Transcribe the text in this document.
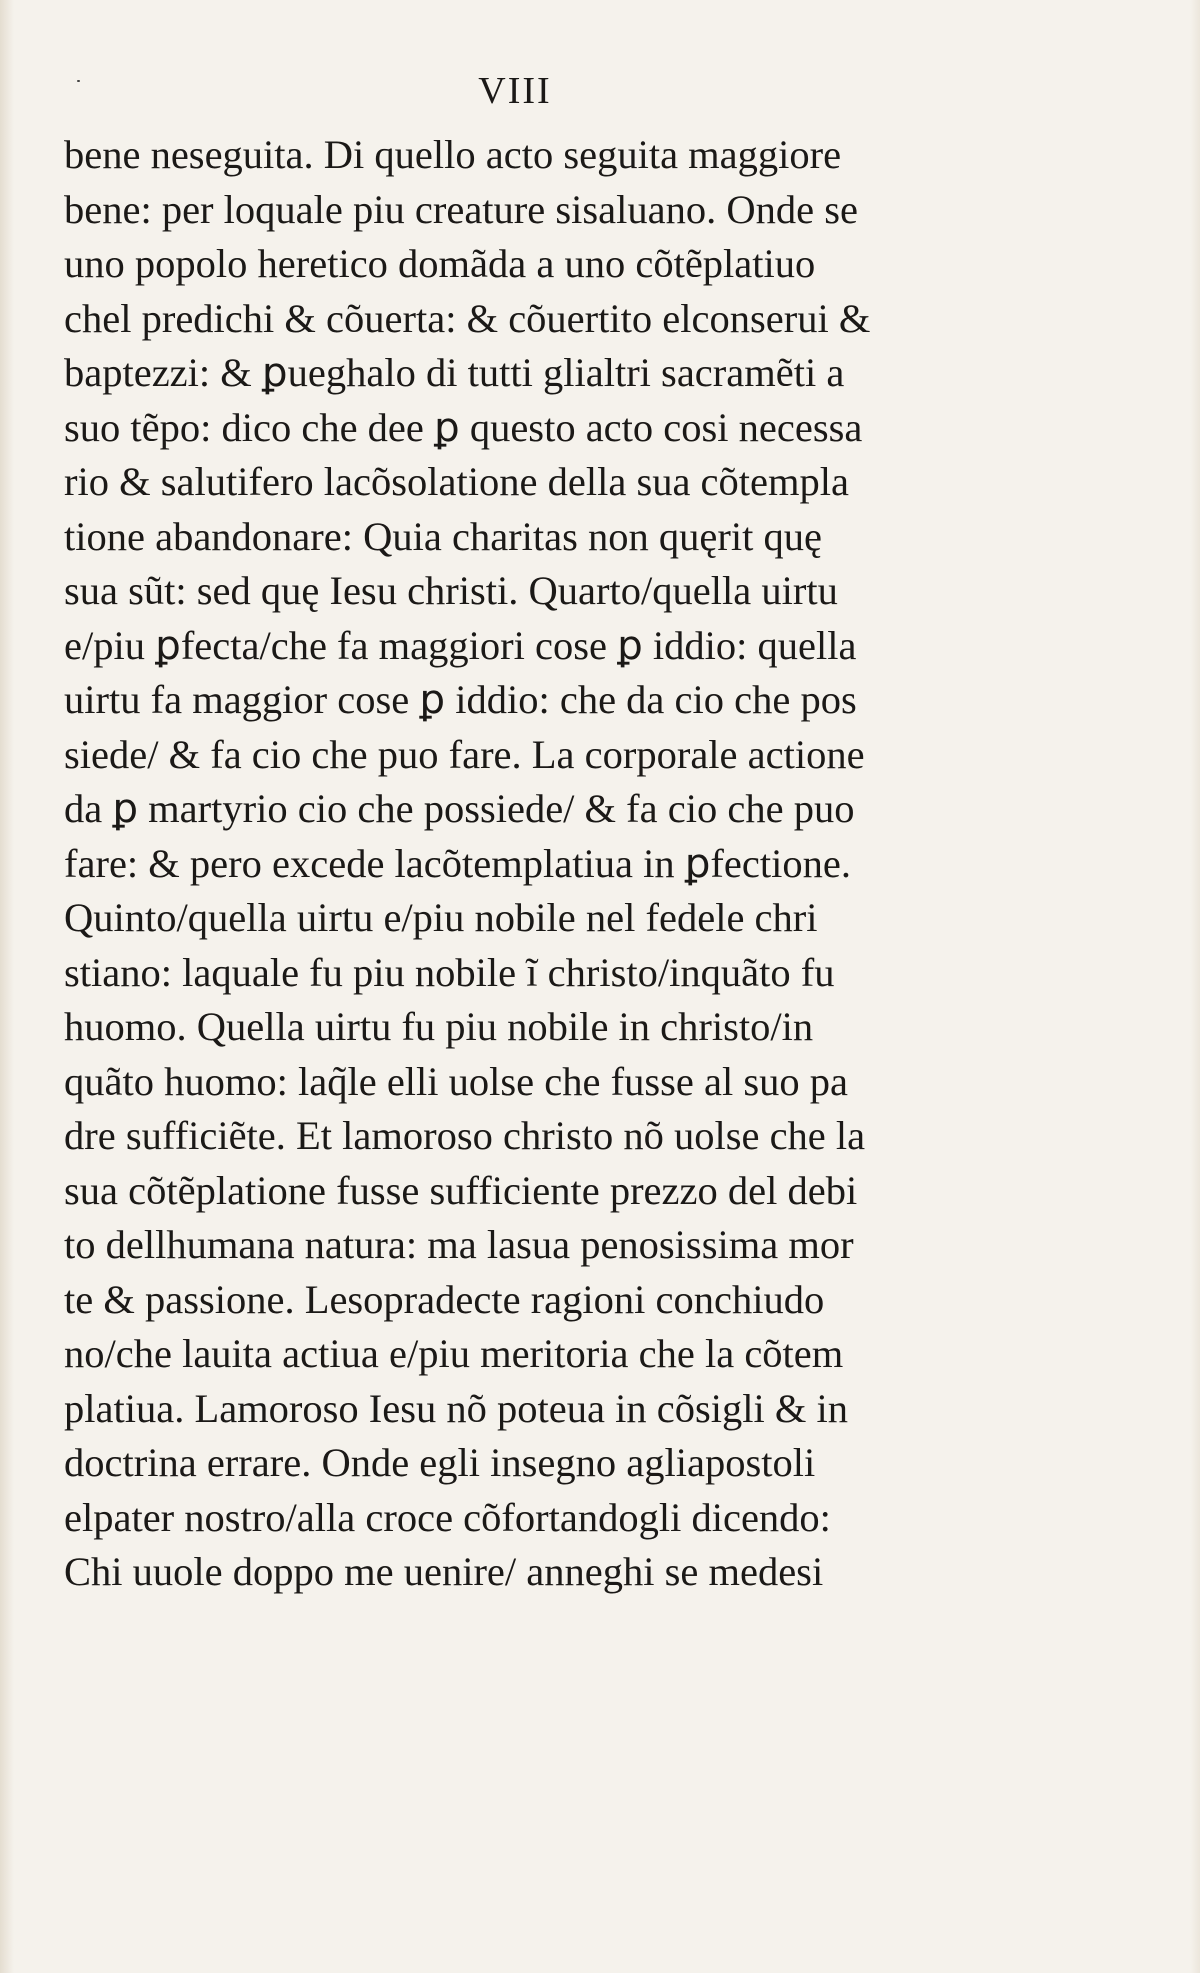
VIII
bene neseguita. Di quello acto seguita maggiore
bene: per loquale piu creature sisaluano. Onde se
uno popolo heretico domãda a uno cõtẽplatiuo
chel predichi & cõuerta: & cõuertito elconserui &
baptezzi: & ꝑueghalo di tutti glialtri sacramẽti a
suo tẽpo: dico che dee ꝑ questo acto cosi necessa
rio & salutifero lacõsolatione della sua cõtempla
tione abandonare: Quia charitas non quęrit quę
sua sũt: sed quę Iesu christi. Quarto/quella uirtu
e/piu ꝑfecta/che fa maggiori cose ꝑ iddio: quella
uirtu fa maggior cose ꝑ iddio: che da cio che pos
siede/ & fa cio che puo fare. La corporale actione
da ꝑ martyrio cio che possiede/ & fa cio che puo
fare: & pero excede lacõtemplatiua in ꝑfectione.
Quinto/quella uirtu e/piu nobile nel fedele chri
stiano: laquale fu piu nobile ĩ christo/inquãto fu
huomo. Quella uirtu fu piu nobile in christo/in
quãto huomo: laq̃le elli uolse che fusse al suo pa
dre sufficiẽte. Et lamoroso christo nõ uolse che la
sua cõtẽplatione fusse sufficiente prezzo del debi
to dellhumana natura: ma lasua penosissima mor
te & passione. Lesopradecte ragioni conchiudo
no/che lauita actiua e/piu meritoria che la cõtem
platiua. Lamoroso Iesu nõ poteua in cõsigli & in
doctrina errare. Onde egli insegno agliapostoli
elpater nostro/alla croce cõfortandogli dicendo:
Chi uuole doppo me uenire/ anneghi se medesi
